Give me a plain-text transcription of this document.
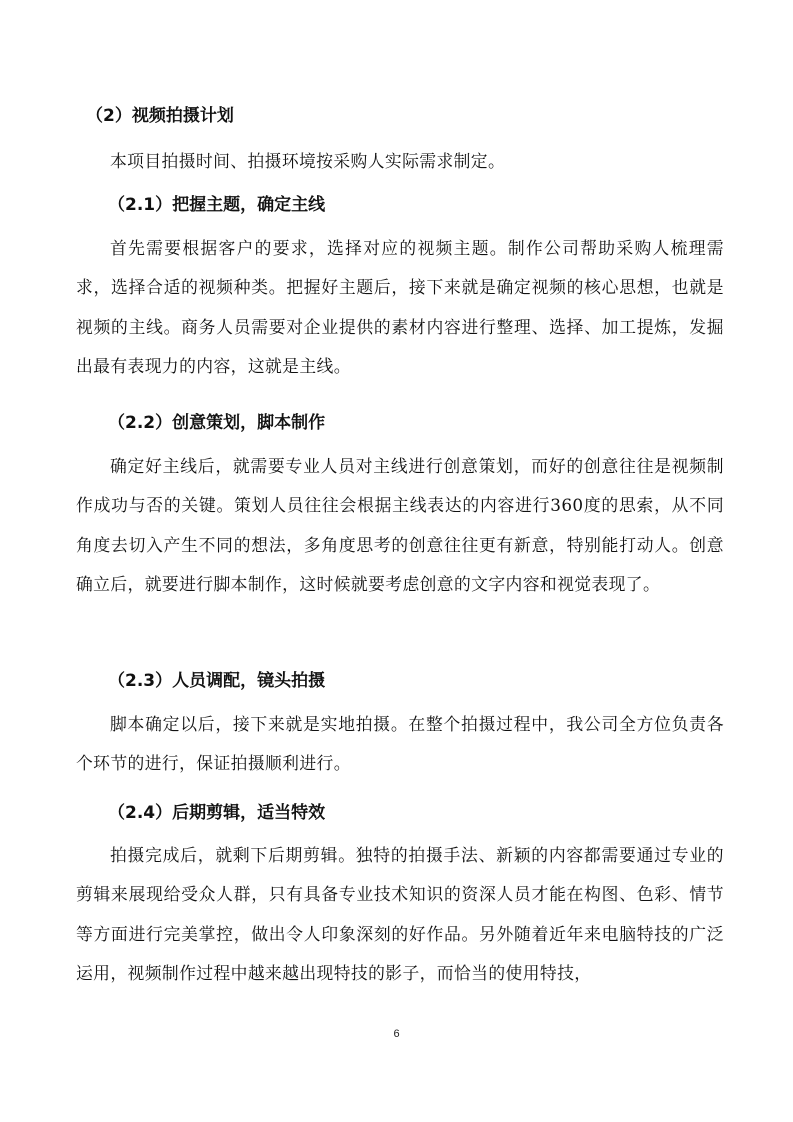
（2）视频拍摄计划
本项目拍摄时间、拍摄环境按采购人实际需求制定。
（2.1）把握主题，确定主线
首先需要根据客户的要求，选择对应的视频主题。制作公司帮助采购人梳理需求，选择合适的视频种类。把握好主题后，接下来就是确定视频的核心思想，也就是视频的主线。商务人员需要对企业提供的素材内容进行整理、选择、加工提炼，发掘出最有表现力的内容，这就是主线。
（2.2）创意策划，脚本制作
确定好主线后，就需要专业人员对主线进行创意策划，而好的创意往往是视频制作成功与否的关键。策划人员往往会根据主线表达的内容进行360度的思索，从不同角度去切入产生不同的想法，多角度思考的创意往往更有新意，特别能打动人。创意确立后，就要进行脚本制作，这时候就要考虑创意的文字内容和视觉表现了。
（2.3）人员调配，镜头拍摄
脚本确定以后，接下来就是实地拍摄。在整个拍摄过程中，我公司全方位负责各个环节的进行，保证拍摄顺利进行。
（2.4）后期剪辑，适当特效
拍摄完成后，就剩下后期剪辑。独特的拍摄手法、新颖的内容都需要通过专业的剪辑来展现给受众人群，只有具备专业技术知识的资深人员才能在构图、色彩、情节等方面进行完美掌控，做出令人印象深刻的好作品。另外随着近年来电脑特技的广泛运用，视频制作过程中越来越出现特技的影子，而恰当的使用特技，
6
